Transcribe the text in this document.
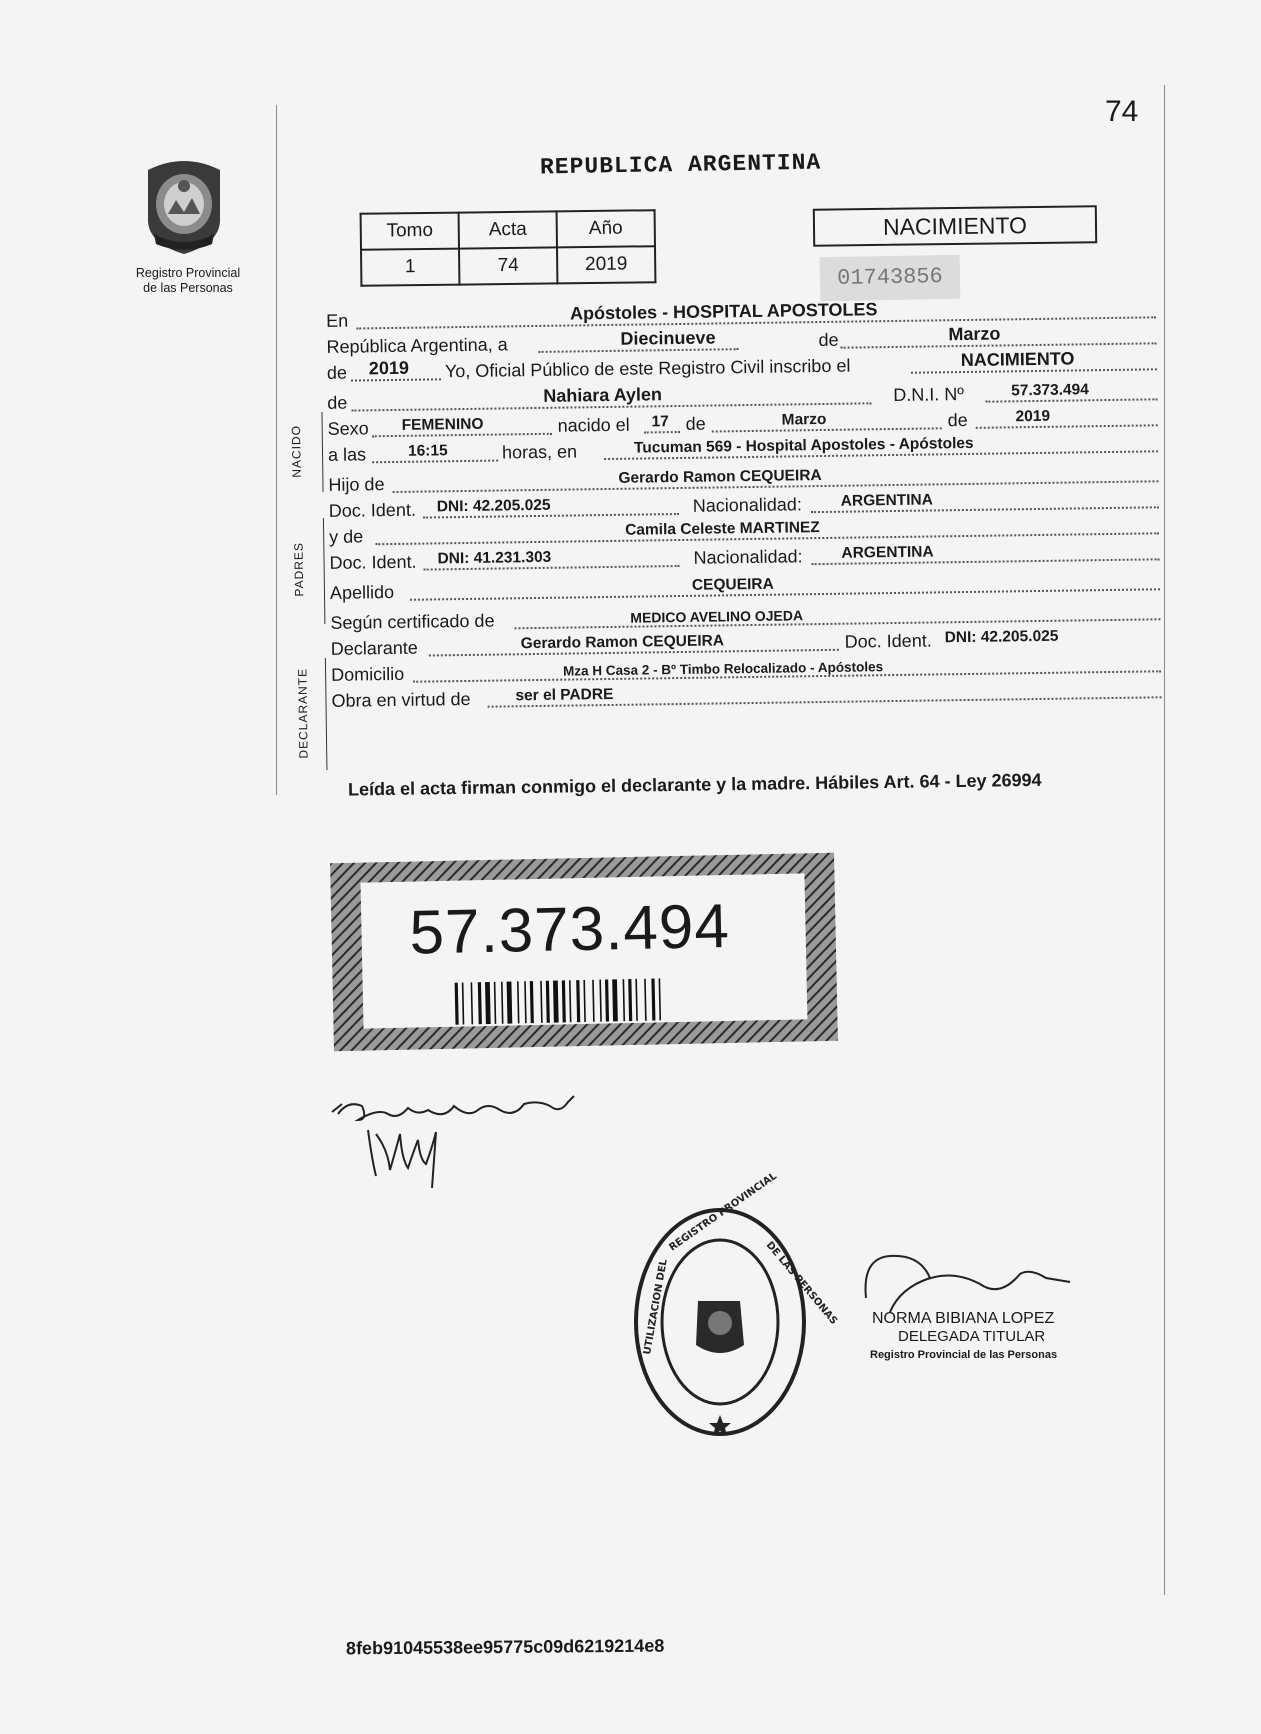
74
Registro Provincial
de las Personas
REPUBLICA ARGENTINA
Tomo	Acta	Año
1	74	2019
NACIMIENTO
01743856
En	Apóstoles - HOSPITAL APOSTOLES
República Argentina, a	Diecinueve	de	Marzo
de 2019 Yo, Oficial Público de este Registro Civil inscribo el	NACIMIENTO
de	Nahiara Aylen	D.N.I. Nº	57.373.494
Sexo FEMENINO	nacido el 17 de	Marzo	de	2019
a las	16:15	horas, en	Tucuman 569 - Hospital Apostoles - Apóstoles
Hijo de	Gerardo Ramon CEQUEIRA
Doc. Ident. DNI: 42.205.025	Nacionalidad: ARGENTINA
y de	Camila Celeste MARTINEZ
Doc. Ident. DNI: 41.231.303	Nacionalidad: ARGENTINA
Apellido	CEQUEIRA
Según certificado de	MEDICO AVELINO OJEDA
Declarante	Gerardo Ramon CEQUEIRA	Doc. Ident. DNI: 42.205.025
Domicilio	Mza H Casa 2 - Bº Timbo Relocalizado - Apóstoles
Obra en virtud de	ser el PADRE
NACIDO
PADRES
DECLARANTE
Leída el acta firman conmigo el declarante y la madre. Hábiles Art. 64 - Ley 26994
57.373.494
UTILIZACION DEL
REGISTRO PROVINCIAL
DE LAS PERSONAS NORMA BIBIANA LOPEZ
DELEGADA TITULAR
Registro Provincial de las Personas
8feb91045538ee95775c09d6219214e8
